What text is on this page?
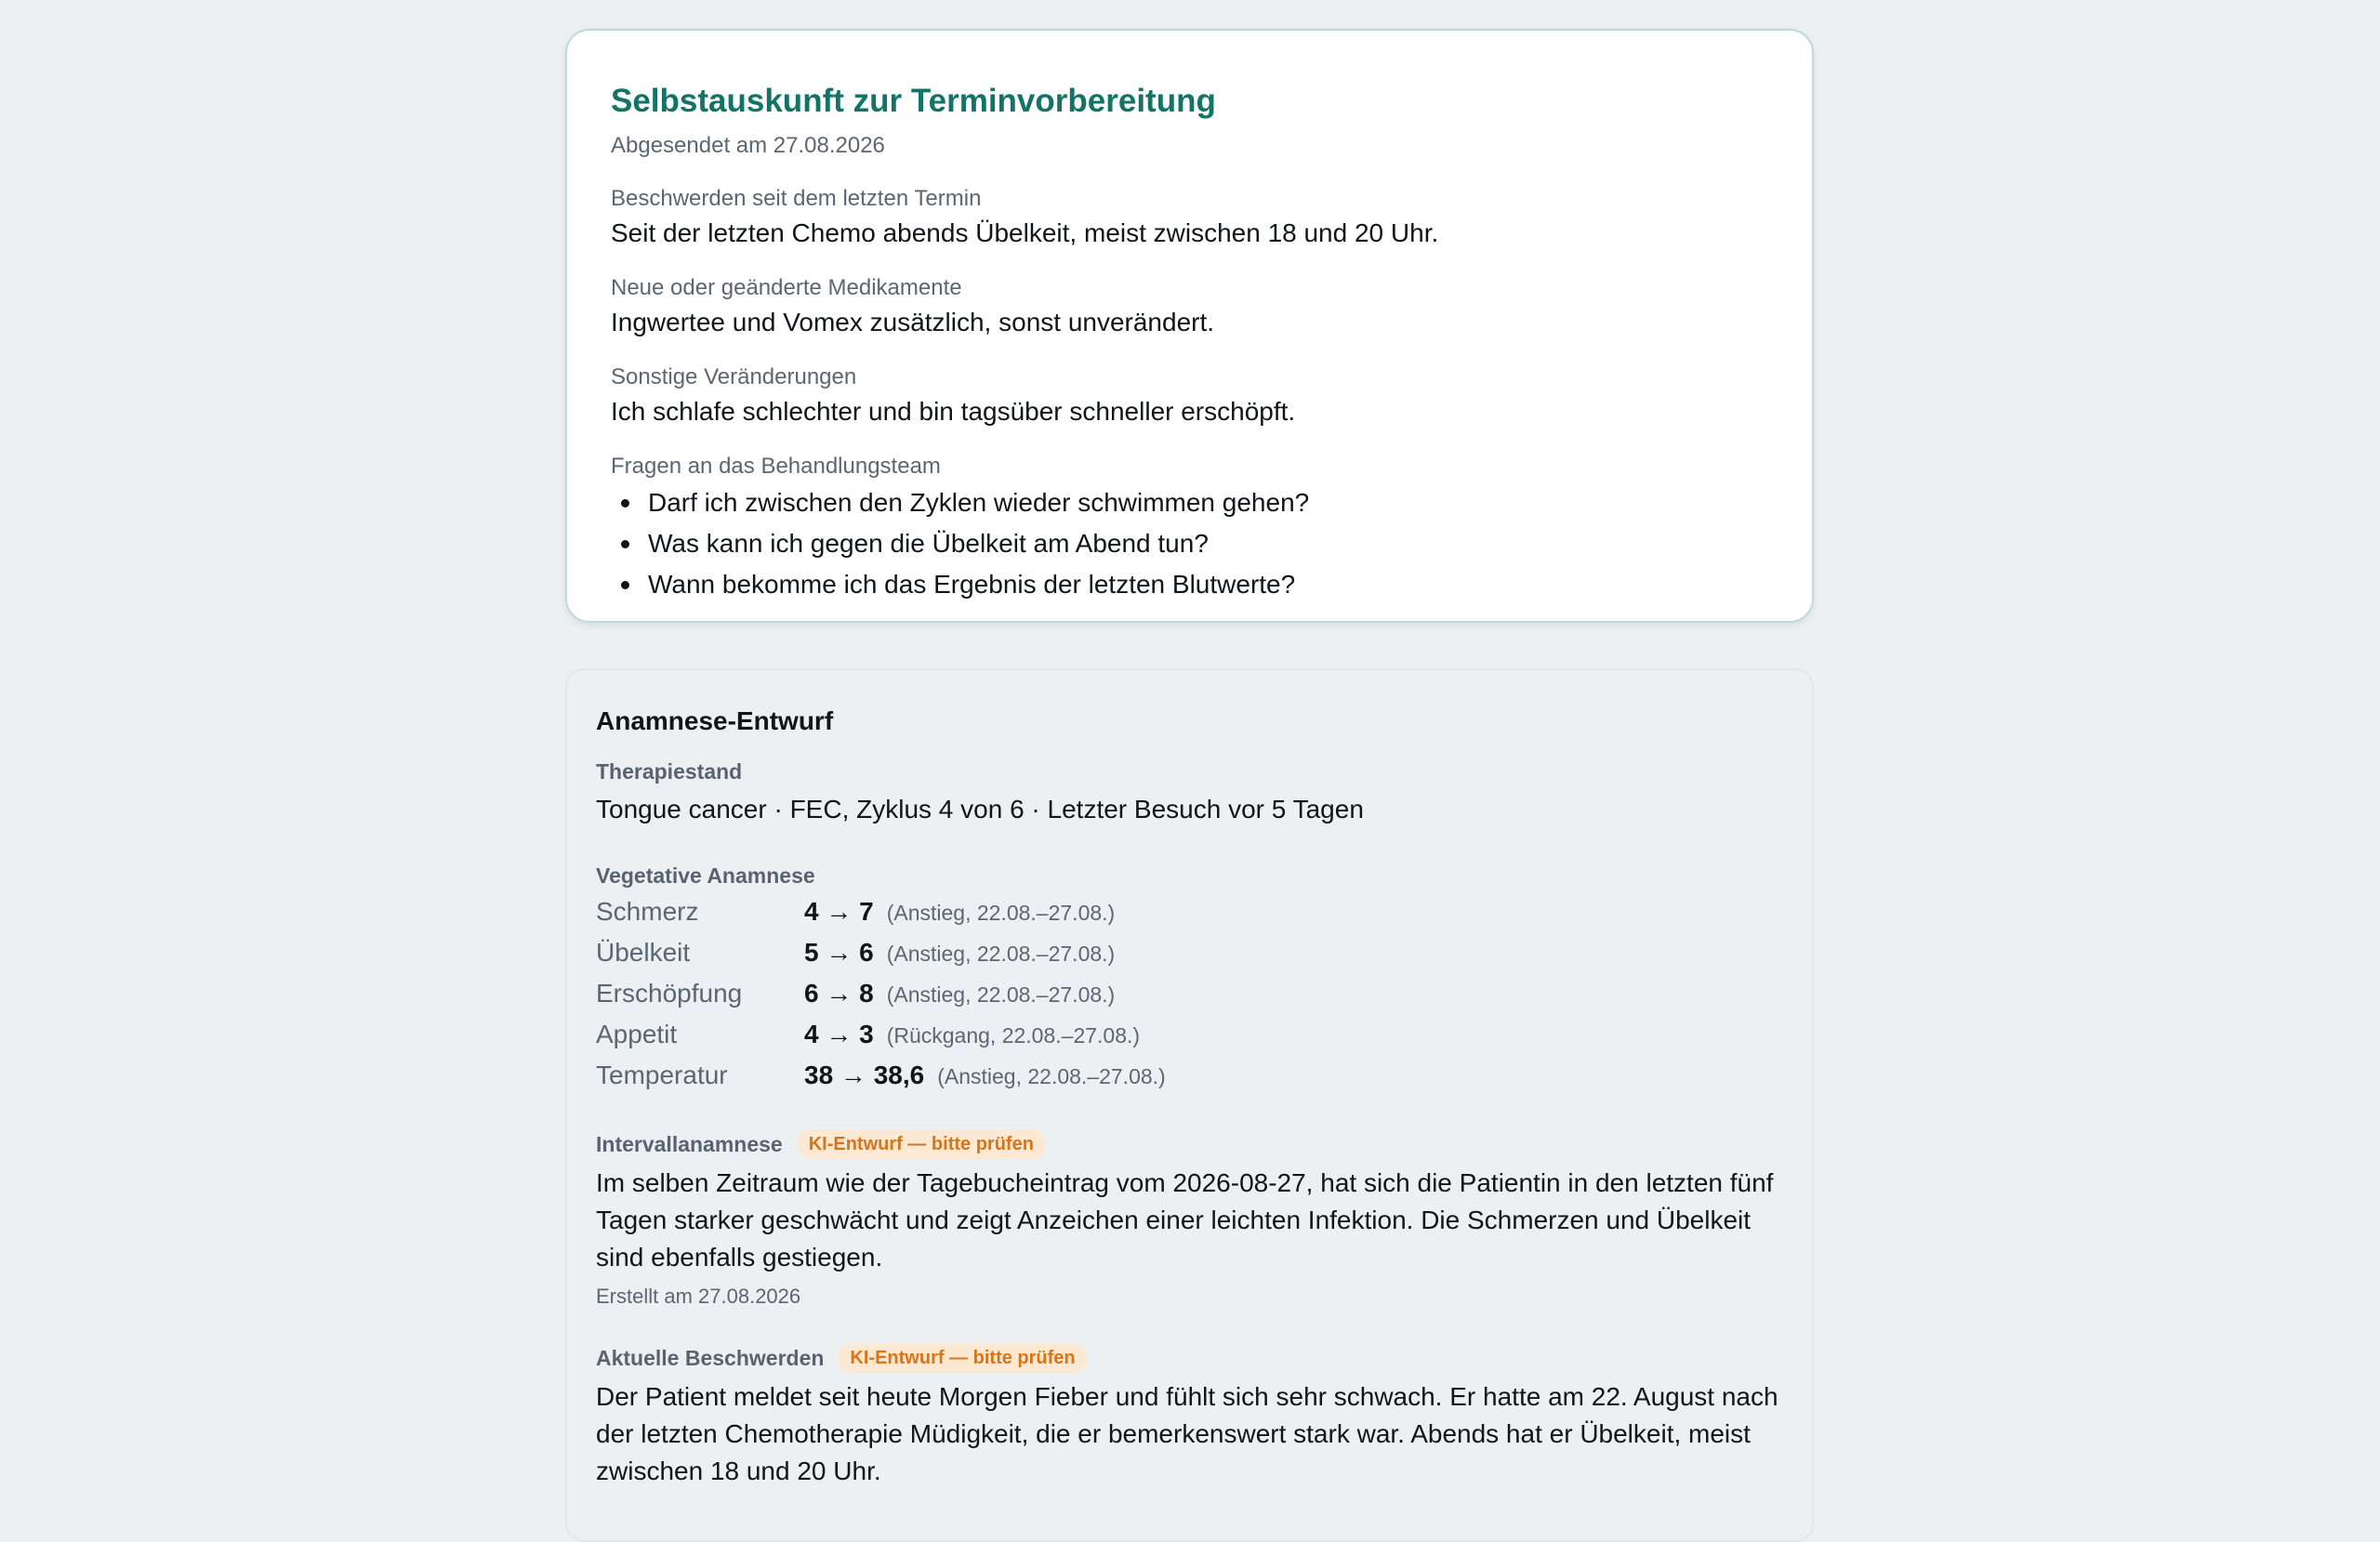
Selbstauskunft zur Terminvorbereitung
Abgesendet am 27.08.2026
Beschwerden seit dem letzten Termin
Seit der letzten Chemo abends Übelkeit, meist zwischen 18 und 20 Uhr.
Neue oder geänderte Medikamente
Ingwertee und Vomex zusätzlich, sonst unverändert.
Sonstige Veränderungen
Ich schlafe schlechter und bin tagsüber schneller erschöpft.
Fragen an das Behandlungsteam
Darf ich zwischen den Zyklen wieder schwimmen gehen?
Was kann ich gegen die Übelkeit am Abend tun?
Wann bekomme ich das Ergebnis der letzten Blutwerte?
Anamnese-Entwurf
Therapiestand
Tongue cancer · FEC, Zyklus 4 von 6 · Letzter Besuch vor 5 Tagen
Vegetative Anamnese
Schmerz	4 → 7 (Anstieg, 22.08.–27.08.)
Übelkeit	5 → 6 (Anstieg, 22.08.–27.08.)
Erschöpfung	6 → 8 (Anstieg, 22.08.–27.08.)
Appetit	4 → 3 (Rückgang, 22.08.–27.08.)
Temperatur	38 → 38,6 (Anstieg, 22.08.–27.08.)
Intervallanamnese	KI-Entwurf — bitte prüfen
Im selben Zeitraum wie der Tagebucheintrag vom 2026-08-27, hat sich die Patientin in den letzten fünf Tagen starker geschwächt und zeigt Anzeichen einer leichten Infektion. Die Schmerzen und Übelkeit sind ebenfalls gestiegen.
Erstellt am 27.08.2026
Aktuelle Beschwerden	KI-Entwurf — bitte prüfen
Der Patient meldet seit heute Morgen Fieber und fühlt sich sehr schwach. Er hatte am 22. August nach der letzten Chemotherapie Müdigkeit, die er bemerkenswert stark war. Abends hat er Übelkeit, meist zwischen 18 und 20 Uhr.
